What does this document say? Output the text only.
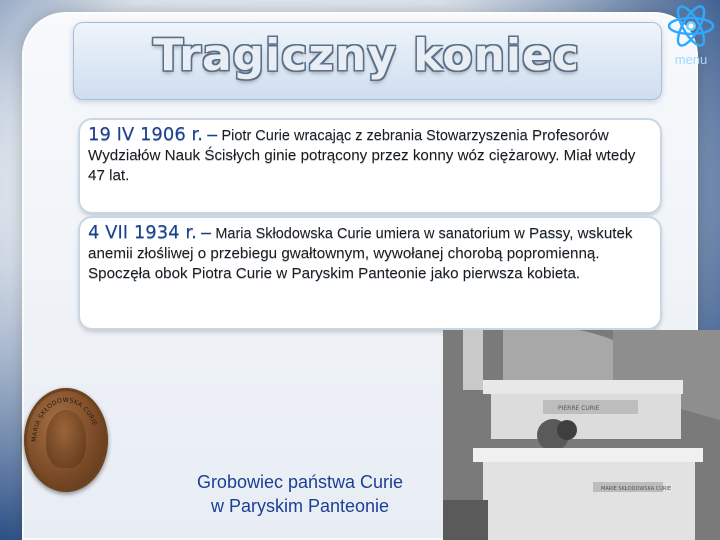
Tragiczny koniec	menu
19 IV 1906 r. – Piotr Curie wracając z zebrania Stowarzyszenia Profesorów Wydziałów Nauk Ścisłych ginie potrącony przez konny wóz ciężarowy. Miał wtedy 47 lat.
4 VII 1934 r. – Maria Skłodowska Curie umiera w sanatorium w Passy, wskutek anemii złośliwej o przebiegu gwałtownym, wywołanej chorobą popromienną. Spoczęła obok Piotra Curie w Paryskim Panteonie jako pierwsza kobieta.
MARIA SKŁODOWSKA CURIE
PIERRE CURIE
MARIE SKŁODOWSKA CURIE
Grobowiec państwa Curie
w Paryskim Panteonie
